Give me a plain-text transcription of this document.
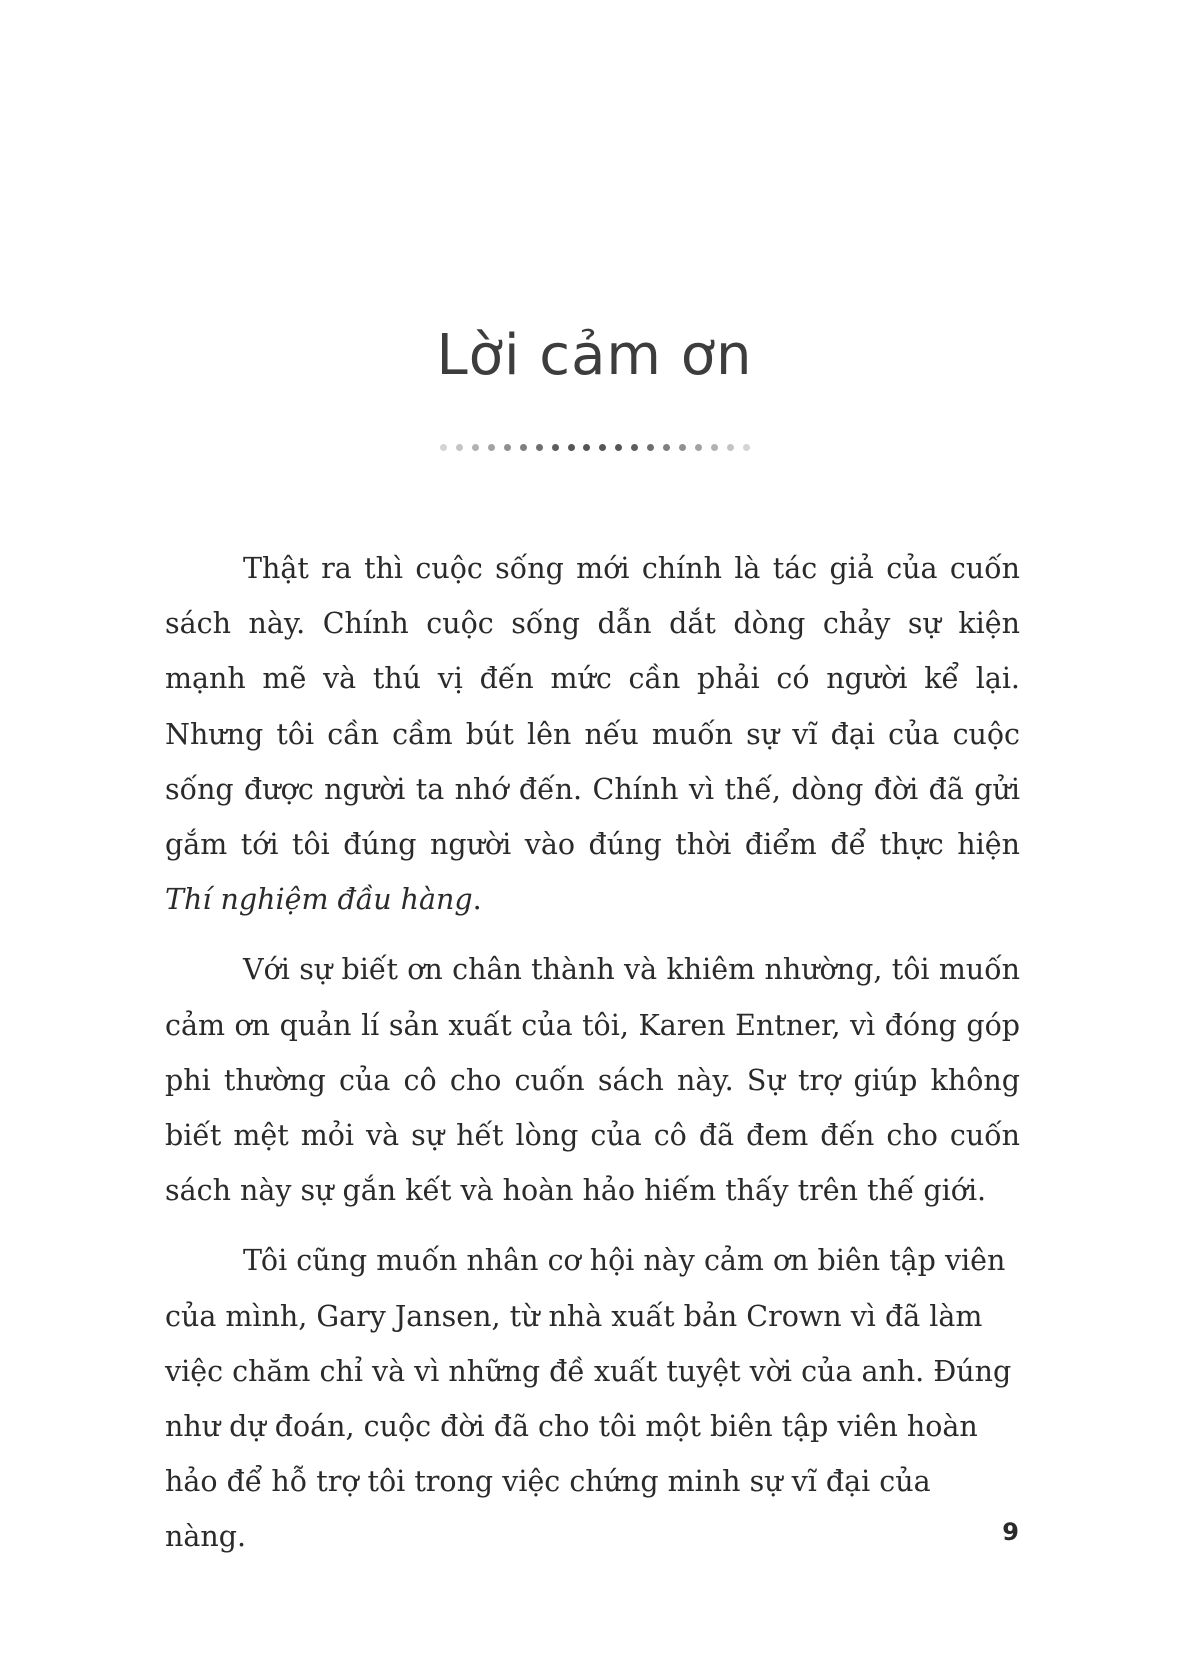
Lời cảm ơn

Thật ra thì cuộc sống mới chính là tác giả của cuốn sách này. Chính cuộc sống dẫn dắt dòng chảy sự kiện mạnh mẽ và thú vị đến mức cần phải có người kể lại. Nhưng tôi cần cầm bút lên nếu muốn sự vĩ đại của cuộc sống được người ta nhớ đến. Chính vì thế, dòng đời đã gửi gắm tới tôi đúng người vào đúng thời điểm để thực hiện Thí nghiệm đầu hàng.

Với sự biết ơn chân thành và khiêm nhường, tôi muốn cảm ơn quản lí sản xuất của tôi, Karen Entner, vì đóng góp phi thường của cô cho cuốn sách này. Sự trợ giúp không biết mệt mỏi và sự hết lòng của cô đã đem đến cho cuốn sách này sự gắn kết và hoàn hảo hiếm thấy trên thế giới.

Tôi cũng muốn nhân cơ hội này cảm ơn biên tập viên của mình, Gary Jansen, từ nhà xuất bản Crown vì đã làm việc chăm chỉ và vì những đề xuất tuyệt vời của anh. Đúng như dự đoán, cuộc đời đã cho tôi một biên tập viên hoàn hảo để hỗ trợ tôi trong việc chứng minh sự vĩ đại của nàng.	9
